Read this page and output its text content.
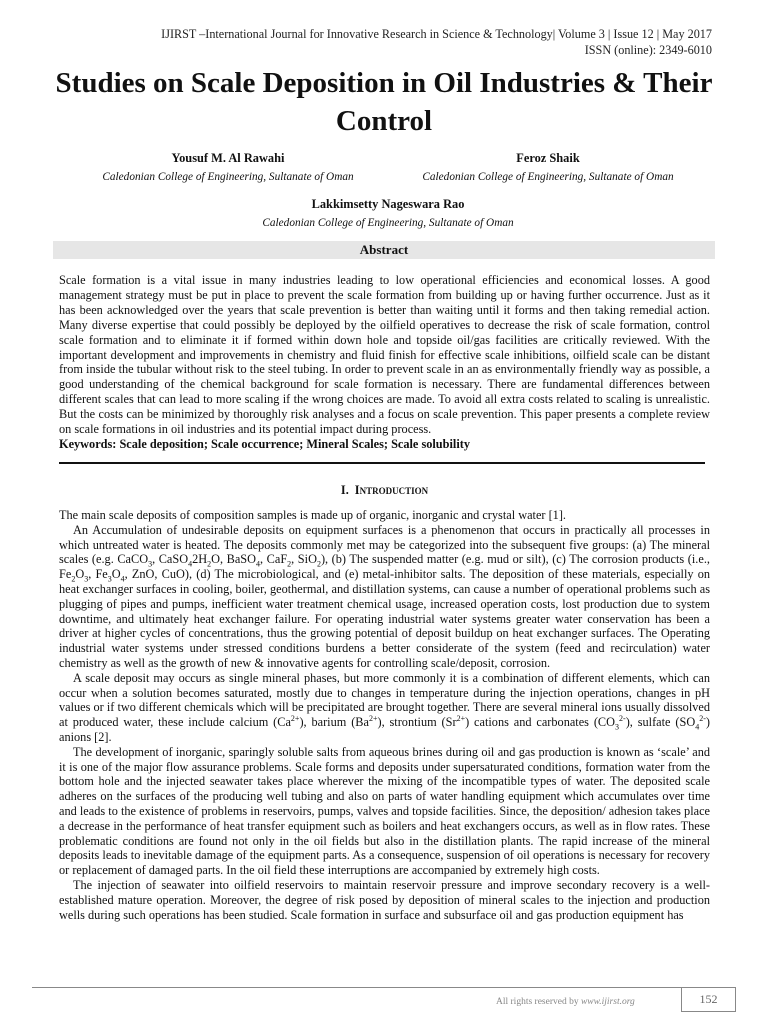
IJIRST –International Journal for Innovative Research in Science & Technology| Volume 3 | Issue 12 | May 2017
ISSN (online): 2349-6010
Studies on Scale Deposition in Oil Industries & Their Control
Yousuf M. Al Rawahi
Caledonian College of Engineering, Sultanate of Oman
Feroz Shaik
Caledonian College of Engineering, Sultanate of Oman
Lakkimsetty Nageswara Rao
Caledonian College of Engineering, Sultanate of Oman
Abstract
Scale formation is a vital issue in many industries leading to low operational efficiencies and economical losses. A good management strategy must be put in place to prevent the scale formation from building up or having further occurrence. Just as it has been acknowledged over the years that scale prevention is better than waiting until it forms and then taking remedial action. Many diverse expertise that could possibly be deployed by the oilfield operatives to decrease the risk of scale formation, control scale formation and to eliminate it if formed within down hole and topside oil/gas facilities are critically reviewed. With the important development and improvements in chemistry and fluid finish for effective scale inhibitions, oilfield scale can be distant from inside the tubular without risk to the steel tubing. In order to prevent scale in an as environmentally friendly way as possible, a good understanding of the chemical background for scale formation is necessary. There are fundamental differences between different scales that can lead to more scaling if the wrong choices are made. To avoid all extra costs related to scaling is unrealistic. But the costs can be minimized by thoroughly risk analyses and a focus on scale prevention. This paper presents a complete review on scale formations in oil industries and its potential impact during process.
Keywords: Scale deposition; Scale occurrence; Mineral Scales; Scale solubility
I. Introduction

The main scale deposits of composition samples is made up of organic, inorganic and crystal water [1].

An Accumulation of undesirable deposits on equipment surfaces is a phenomenon that occurs in practically all processes in which untreated water is heated. The deposits commonly met may be categorized into the subsequent five groups: (a) The mineral scales (e.g. CaCO$_3$, $CaSO_42H_2O$, BaSO$_4$, CaF$_2$, SiO$_2$), (b) The suspended matter (e.g. mud or silt), (c) The corrosion products (i.e., $Fe_2O_3$, $Fe_3O_4$, ZnO, CuO), (d) The microbiological, and (e) metal-inhibitor salts. The deposition of these materials, especially on heat exchanger surfaces in cooling, boiler, geothermal, and distillation systems, can cause a number of operational problems such as plugging of pipes and pumps, inefficient water treatment chemical usage, increased operation costs, lost production due to system downtime, and ultimately heat exchanger failure. For operating industrial water systems greater water conservation has been a driver at higher cycles of concentrations, thus the growing potential of deposit buildup on heat exchanger surfaces. The Operating industrial water systems under stressed conditions burdens a better considerate of the system (feed and recirculation) water chemistry as well as the growth of new & innovative agents for controlling scale/deposit, corrosion.

A scale deposit may occurs as single mineral phases, but more commonly it is a combination of different elements, which can occur when a solution becomes saturated, mostly due to changes in temperature during the injection operations, changes in pH values or if two different chemicals which will be precipitated are brought together. There are several mineral ions usually dissolved at produced water, these include calcium $(Ca^{2+})$, barium $(Ba^{2+})$, strontium $(Sr^{2+})$ cations and carbonates $(CO_3^{2-})$, sulfate $(SO_4^{2-})$ anions [2].

The development of inorganic, sparingly soluble salts from aqueous brines during oil and gas production is known as ‘scale’ and it is one of the major flow assurance problems. Scale forms and deposits under supersaturated conditions, formation water from the bottom hole and the injected seawater takes place wherever the mixing of the incompatible types of water. The deposited scale adheres on the surfaces of the producing well tubing and also on parts of water handling equipment which accumulates over time and leads to the existence of problems in reservoirs, pumps, valves and topside facilities. Since, the deposition/ adhesion takes place a decrease in the performance of heat transfer equipment such as boilers and heat exchangers occurs, as well as in flow rates. These problematic conditions are found not only in the oil fields but also in the distillation plants. The rapid increase of the mineral deposits leads to inevitable damage of the equipment parts. As a consequence, suspension of oil operations is necessary for recovery or replacement of damaged parts. In the oil field these interruptions are accompanied by extremely high costs.

The injection of seawater into oilfield reservoirs to maintain reservoir pressure and improve secondary recovery is a well-established mature operation. Moreover, the degree of risk posed by deposition of mineral scales to the injection and production wells during such operations has been studied. Scale formation in surface and subsurface oil and gas production equipment has

All rights reserved by www.ijirst.org	152
